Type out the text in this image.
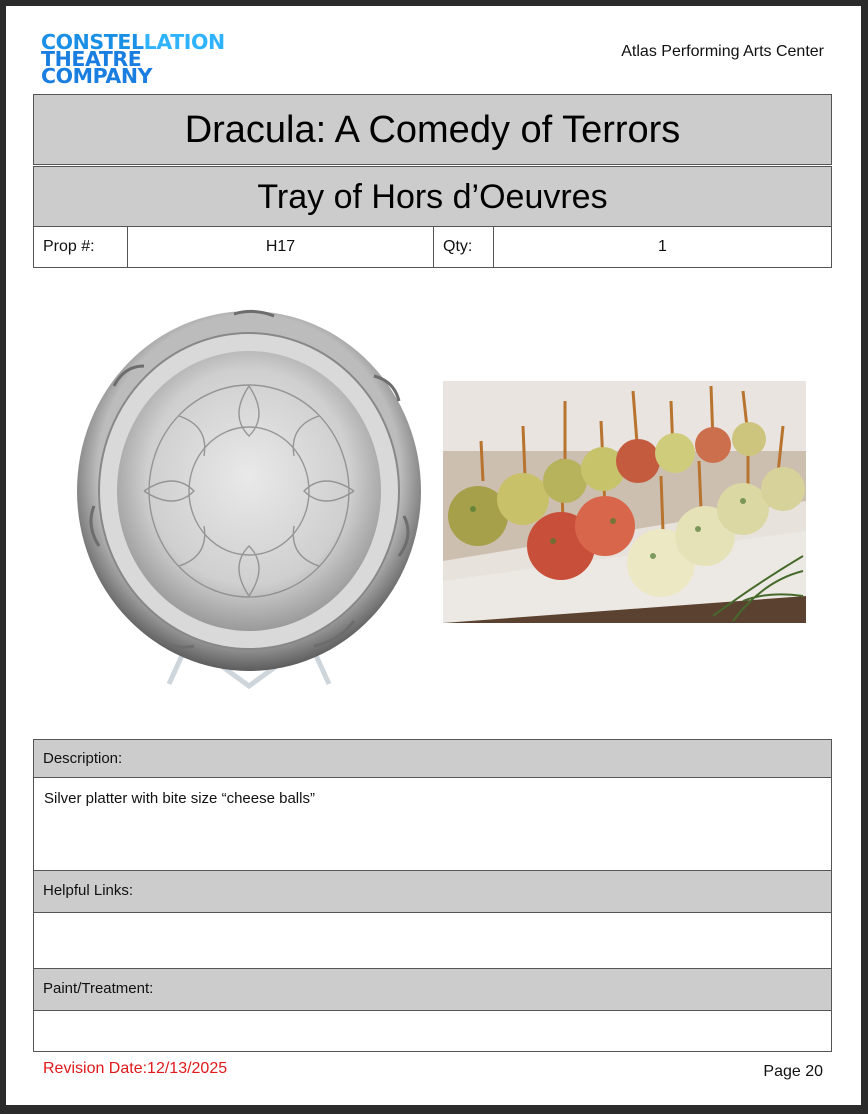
CONSTELLATION
THEATRE
COMPANY
Atlas Performing Arts Center
Dracula: A Comedy of Terrors
Tray of Hors d’Oeuvres
Prop #:	H17	Qty:	1
Description:
Silver platter with bite size “cheese balls”
Helpful Links:
Paint/Treatment:
Revision Date:12/13/2025	Page 20
